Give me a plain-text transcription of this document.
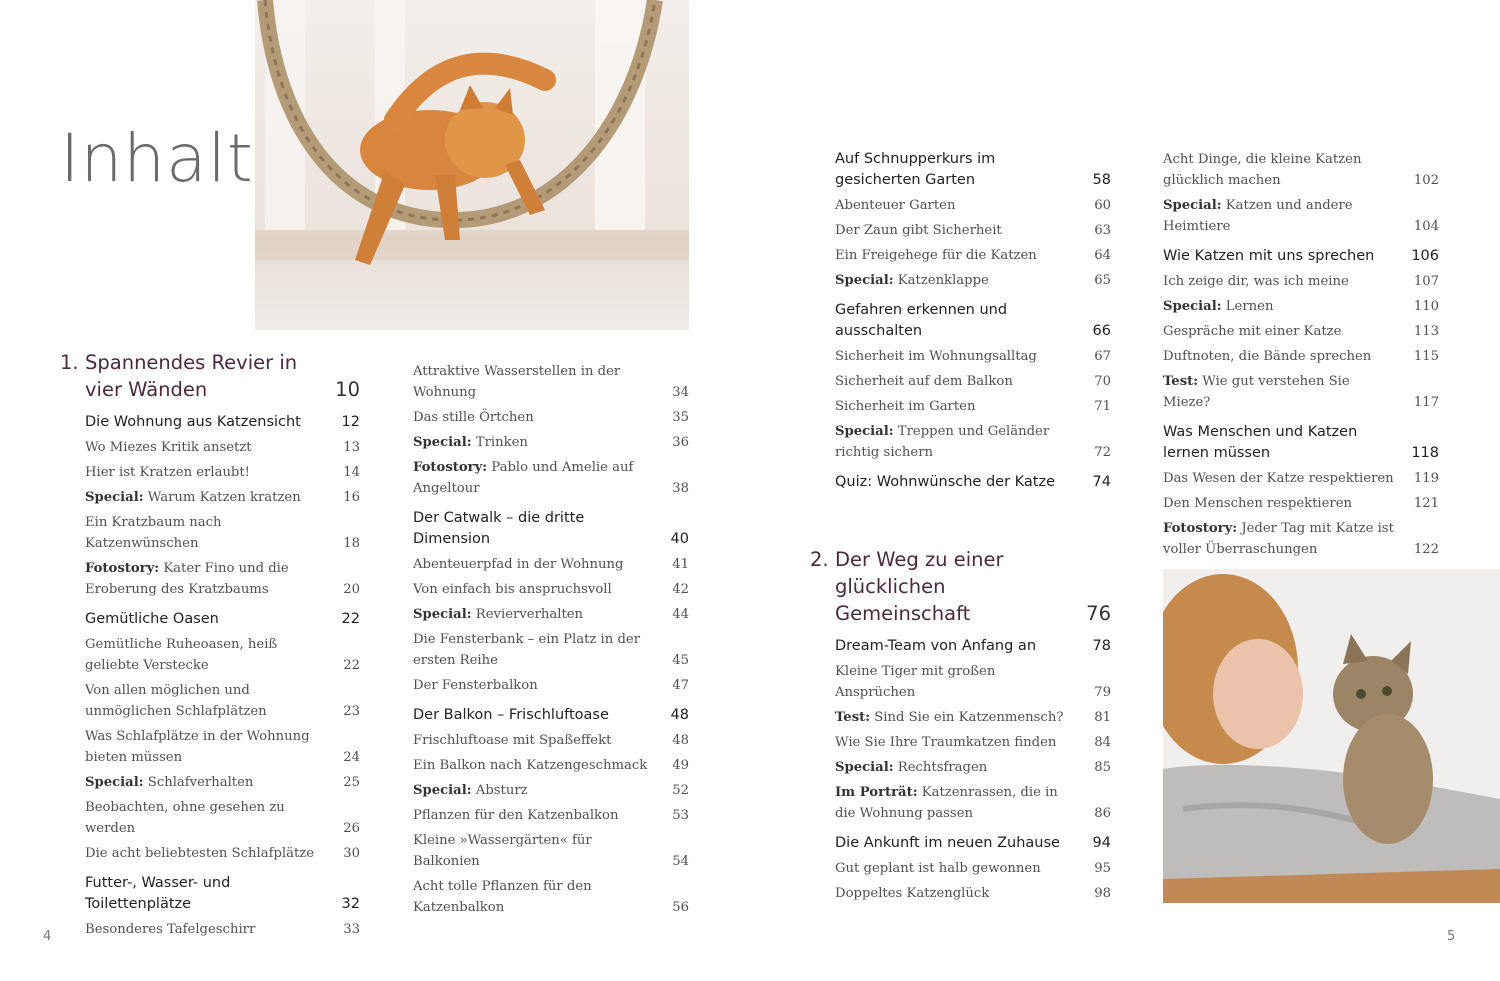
Inhalt
1. Spannendes Revier in vier Wänden	10
Die Wohnung aus Katzensicht	12
Wo Miezes Kritik ansetzt	13
Hier ist Kratzen erlaubt!	14
Special: Warum Katzen kratzen	16
Ein Kratzbaum nach Katzenwünschen	18
Fotostory: Kater Fino und die Eroberung des Kratzbaums	20
Gemütliche Oasen	22
Gemütliche Ruheoasen, heiß geliebte Verstecke	22
Von allen möglichen und unmöglichen Schlafplätzen	23
Was Schlafplätze in der Wohnung bieten müssen	24
Special: Schlafverhalten	25
Beobachten, ohne gesehen zu werden	26
Die acht beliebtesten Schlafplätze	30
Futter-, Wasser- und Toilettenplätze	32
Besonderes Tafelgeschirr	33
Attraktive Wasserstellen in der Wohnung	34
Das stille Örtchen	35
Special: Trinken	36
Fotostory: Pablo und Amelie auf Angeltour	38
Der Catwalk – die dritte Dimension	40
Abenteuerpfad in der Wohnung	41
Von einfach bis anspruchsvoll	42
Special: Revierverhalten	44
Die Fensterbank – ein Platz in der ersten Reihe	45
Der Fensterbalkon	47
Der Balkon – Frischluftoase	48
Frischluftoase mit Spaßeffekt	48
Ein Balkon nach Katzengeschmack	49
Special: Absturz	52
Pflanzen für den Katzenbalkon	53
Kleine »Wassergärten« für Balkonien	54
Acht tolle Pflanzen für den Katzenbalkon	56
Auf Schnupperkurs im gesicherten Garten	58
Abenteuer Garten	60
Der Zaun gibt Sicherheit	63
Ein Freigehege für die Katzen	64
Special: Katzenklappe	65
Gefahren erkennen und ausschalten	66
Sicherheit im Wohnungsalltag	67
Sicherheit auf dem Balkon	70
Sicherheit im Garten	71
Special: Treppen und Geländer richtig sichern	72
Quiz: Wohnwünsche der Katze	74
2. Der Weg zu einer glücklichen Gemeinschaft	76
Dream-Team von Anfang an	78
Kleine Tiger mit großen Ansprüchen	79
Test: Sind Sie ein Katzenmensch?	81
Wie Sie Ihre Traumkatzen finden	84
Special: Rechtsfragen	85
Im Porträt: Katzenrassen, die in die Wohnung passen	86
Die Ankunft im neuen Zuhause	94
Gut geplant ist halb gewonnen	95
Doppeltes Katzenglück	98
Acht Dinge, die kleine Katzen glücklich machen	102
Special: Katzen und andere Heimtiere	104
Wie Katzen mit uns sprechen	106
Ich zeige dir, was ich meine	107
Special: Lernen	110
Gespräche mit einer Katze	113
Duftnoten, die Bände sprechen	115
Test: Wie gut verstehen Sie Mieze?	117
Was Menschen und Katzen lernen müssen	118
Das Wesen der Katze respektieren	119
Den Menschen respektieren	121
Fotostory: Jeder Tag mit Katze ist voller Überraschungen	122
4	5
